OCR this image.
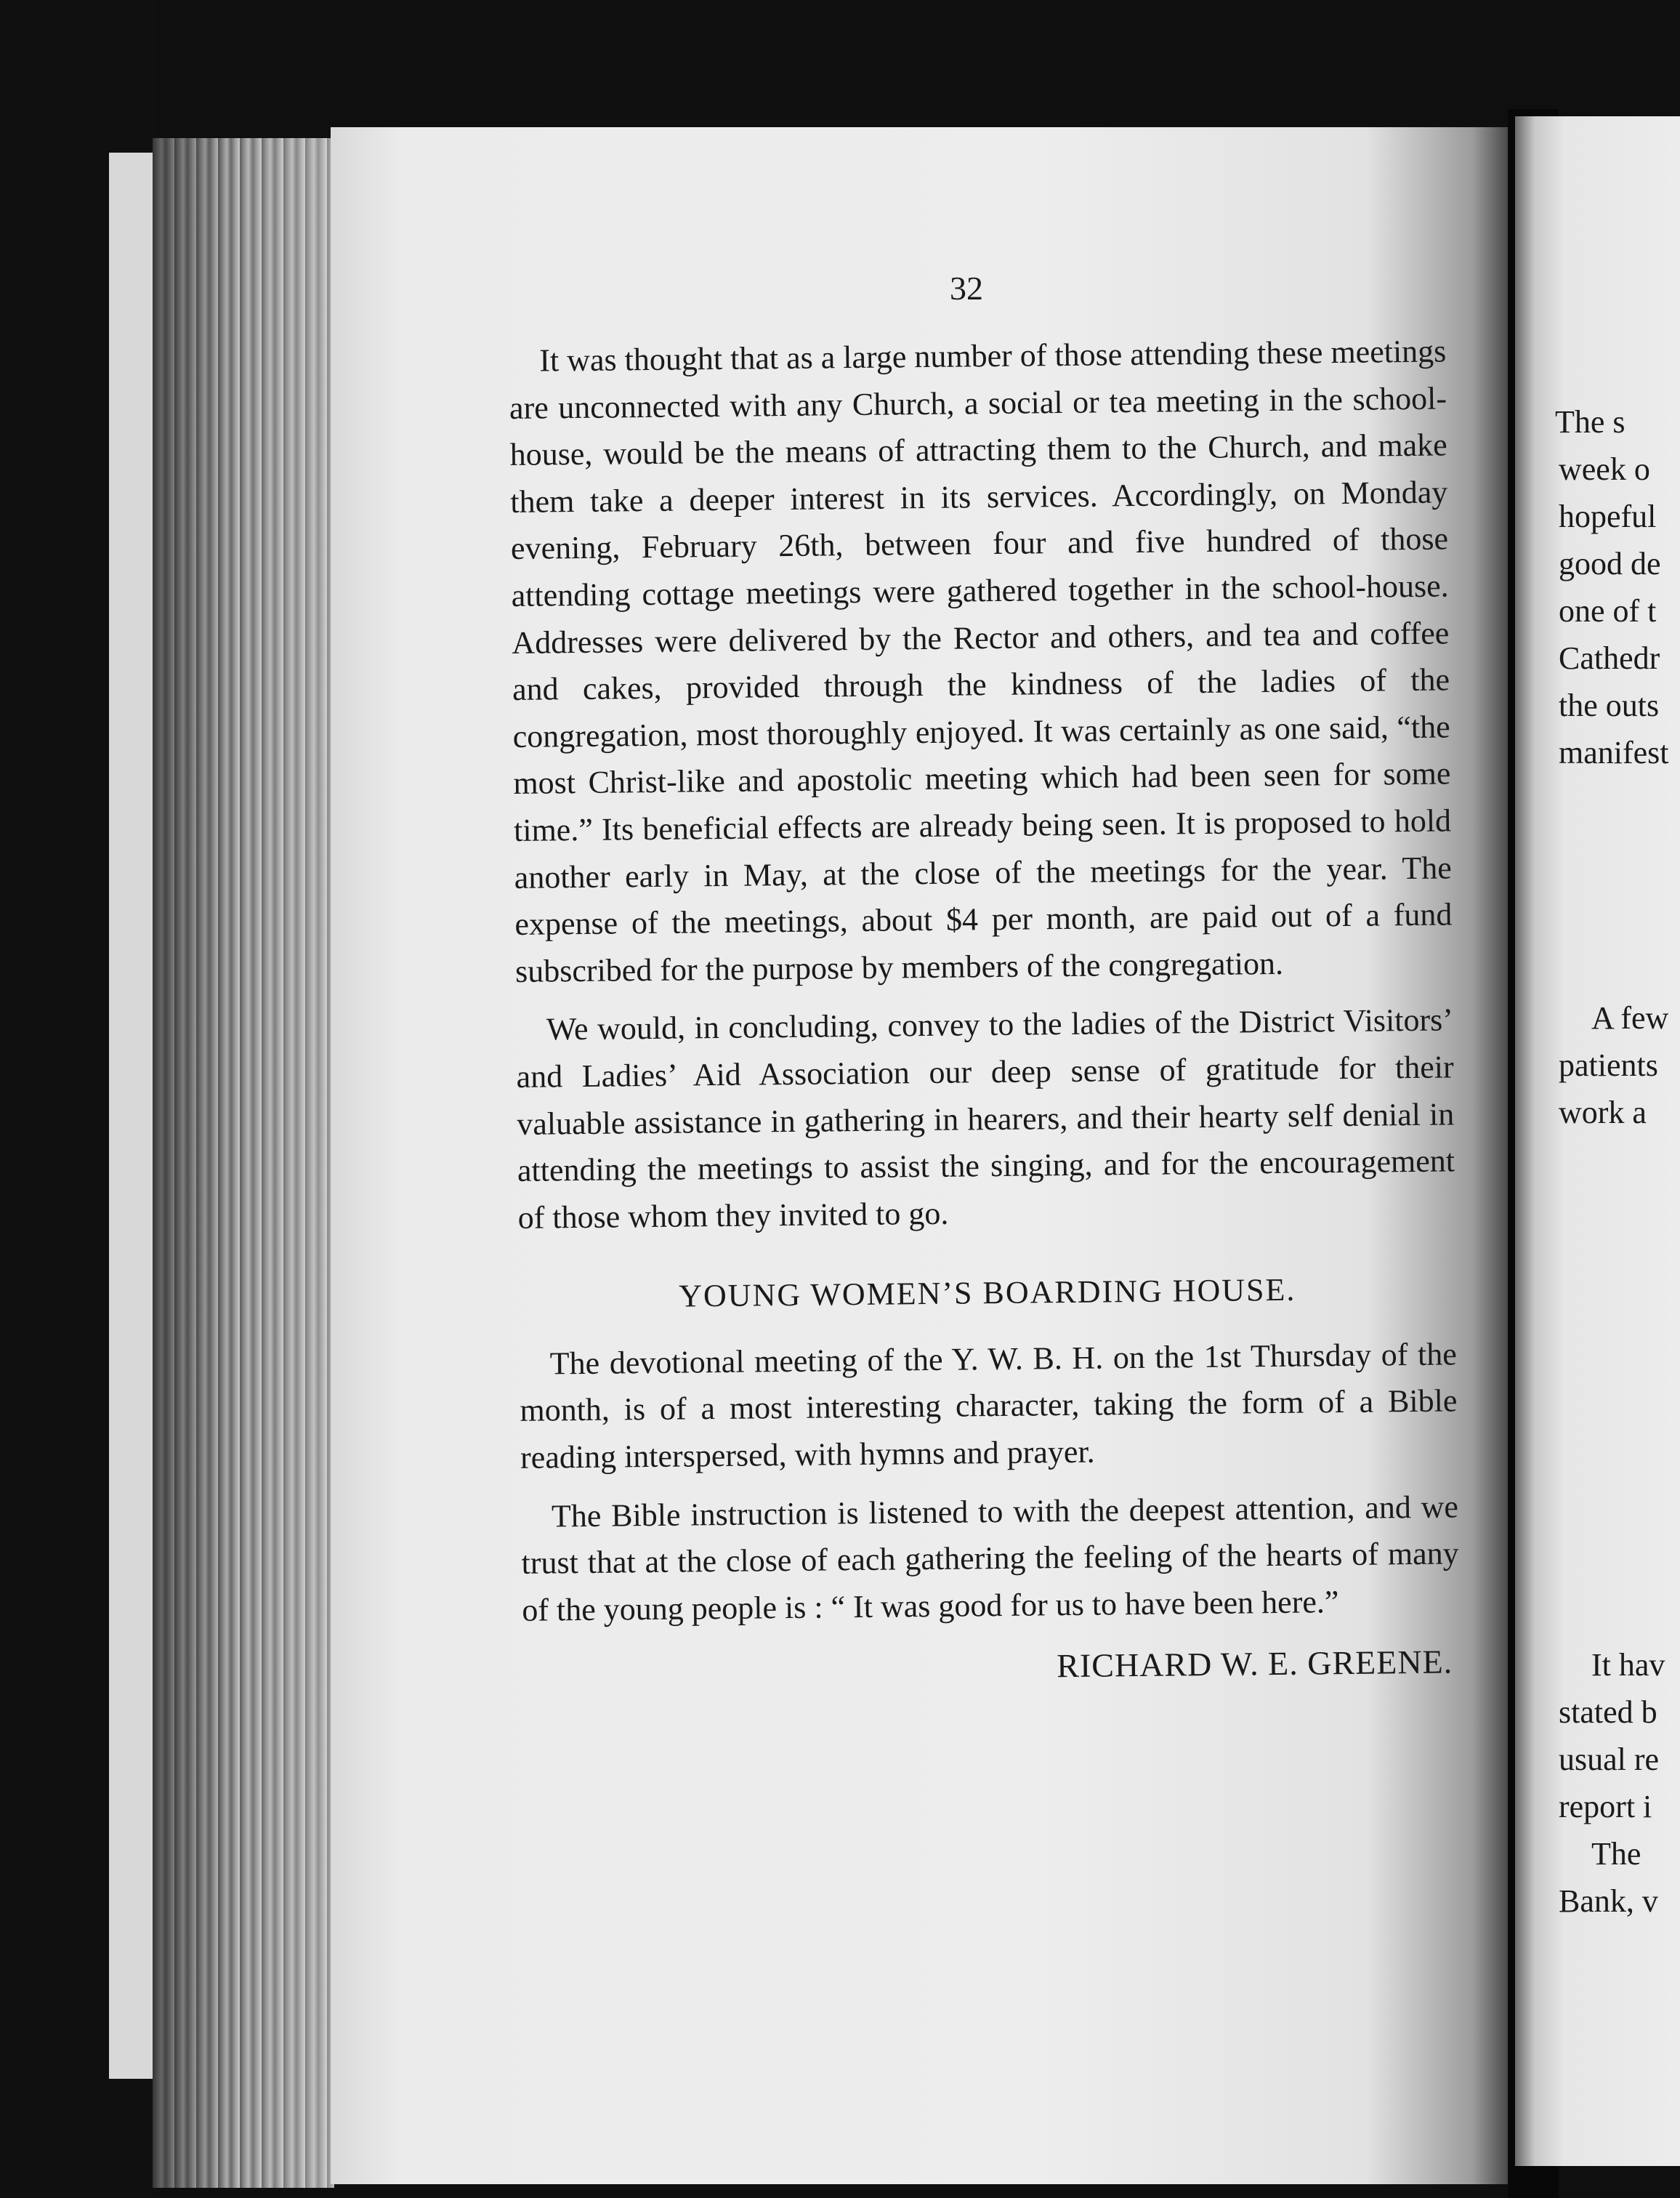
32

It was thought that as a large number of those attending these meetings are unconnected with any Church, a social or tea meeting in the school-house, would be the means of attracting them to the Church, and make them take a deeper interest in its services. Accordingly, on Monday evening, February 26th, between four and five hundred of those attending cottage meetings were gathered together in the school-house. Addresses were delivered by the Rector and others, and tea and coffee and cakes, provided through the kindness of the ladies of the congregation, most thoroughly enjoyed. It was certainly as one said, “the most Christ-like and apostolic meeting which had been seen for some time.” Its beneficial effects are already being seen. It is proposed to hold another early in May, at the close of the meetings for the year. The expense of the meetings, about $4 per month, are paid out of a fund subscribed for the purpose by members of the congregation.

We would, in concluding, convey to the ladies of the District Visitors’ and Ladies’ Aid Association our deep sense of gratitude for their valuable assistance in gathering in hearers, and their hearty self denial in attending the meetings to assist the singing, and for the encouragement of those whom they invited to go.

YOUNG WOMEN’S BOARDING HOUSE.

The devotional meeting of the Y. W. B. H. on the 1st Thursday of the month, is of a most interesting character, taking the form of a Bible reading interspersed, with hymns and prayer.

The Bible instruction is listened to with the deepest attention, and we trust that at the close of each gathering the feeling of the hearts of many of the young people is : “ It was good for us to have been here.”

RICHARD W. E. GREENE.
The s
week o
hopeful
good de
one of t
Cathedr
the outs
manifest
A few
patients
work a
It hav
stated b
usual re
report i
The
Bank, v
